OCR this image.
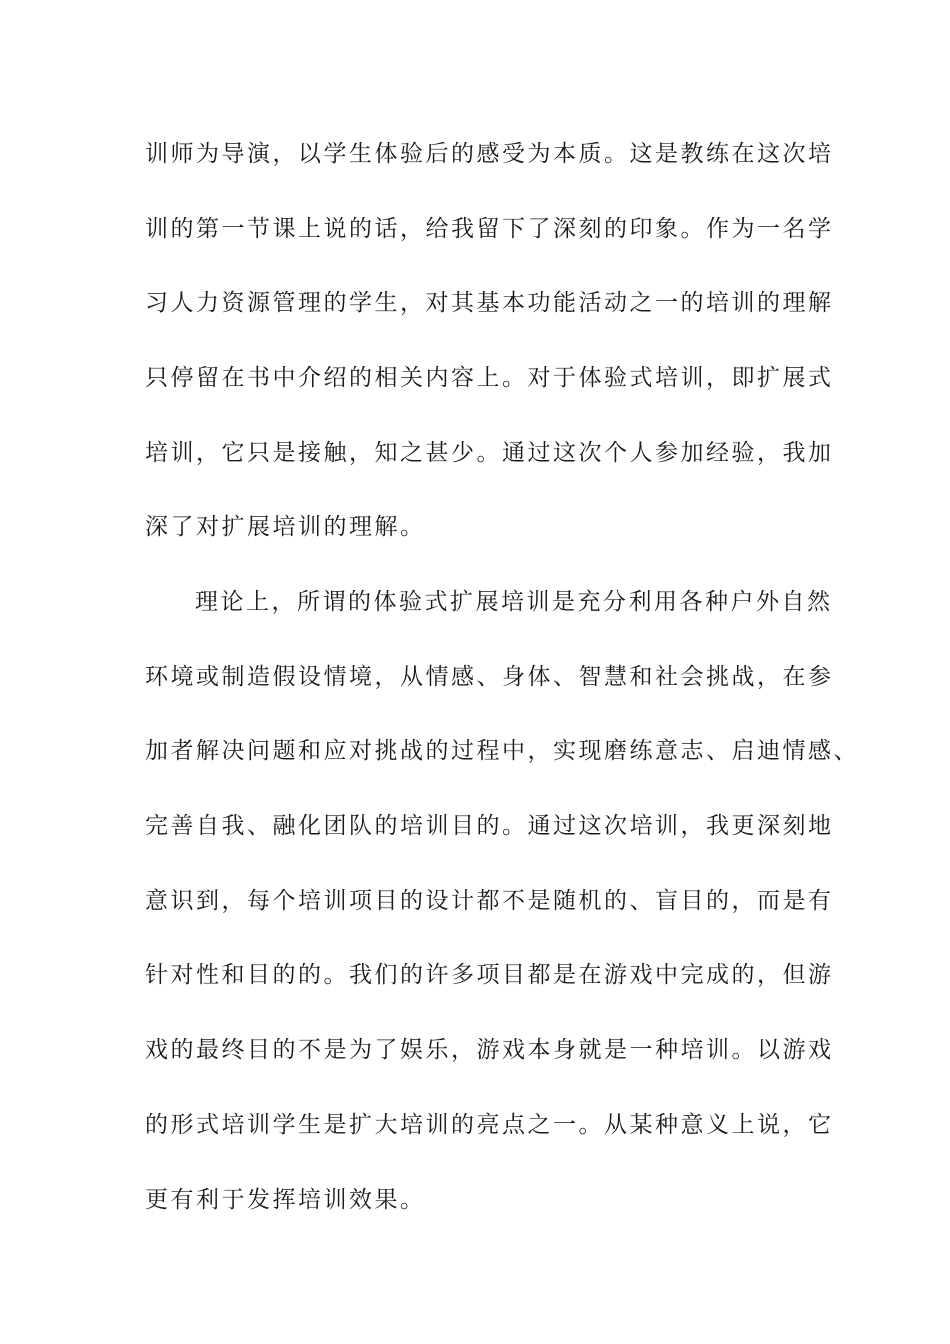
训师为导演，以学生体验后的感受为本质。这是教练在这次培
训的第一节课上说的话，给我留下了深刻的印象。作为一名学
习人力资源管理的学生，对其基本功能活动之一的培训的理解
只停留在书中介绍的相关内容上。对于体验式培训，即扩展式
培训，它只是接触，知之甚少。通过这次个人参加经验，我加
深了对扩展培训的理解。
理论上，所谓的体验式扩展培训是充分利用各种户外自然
环境或制造假设情境，从情感、身体、智慧和社会挑战，在参
加者解决问题和应对挑战的过程中，实现磨练意志、启迪情感、
完善自我、融化团队的培训目的。通过这次培训，我更深刻地
意识到，每个培训项目的设计都不是随机的、盲目的，而是有
针对性和目的的。我们的许多项目都是在游戏中完成的，但游
戏的最终目的不是为了娱乐，游戏本身就是一种培训。以游戏
的形式培训学生是扩大培训的亮点之一。从某种意义上说，它
更有利于发挥培训效果。
